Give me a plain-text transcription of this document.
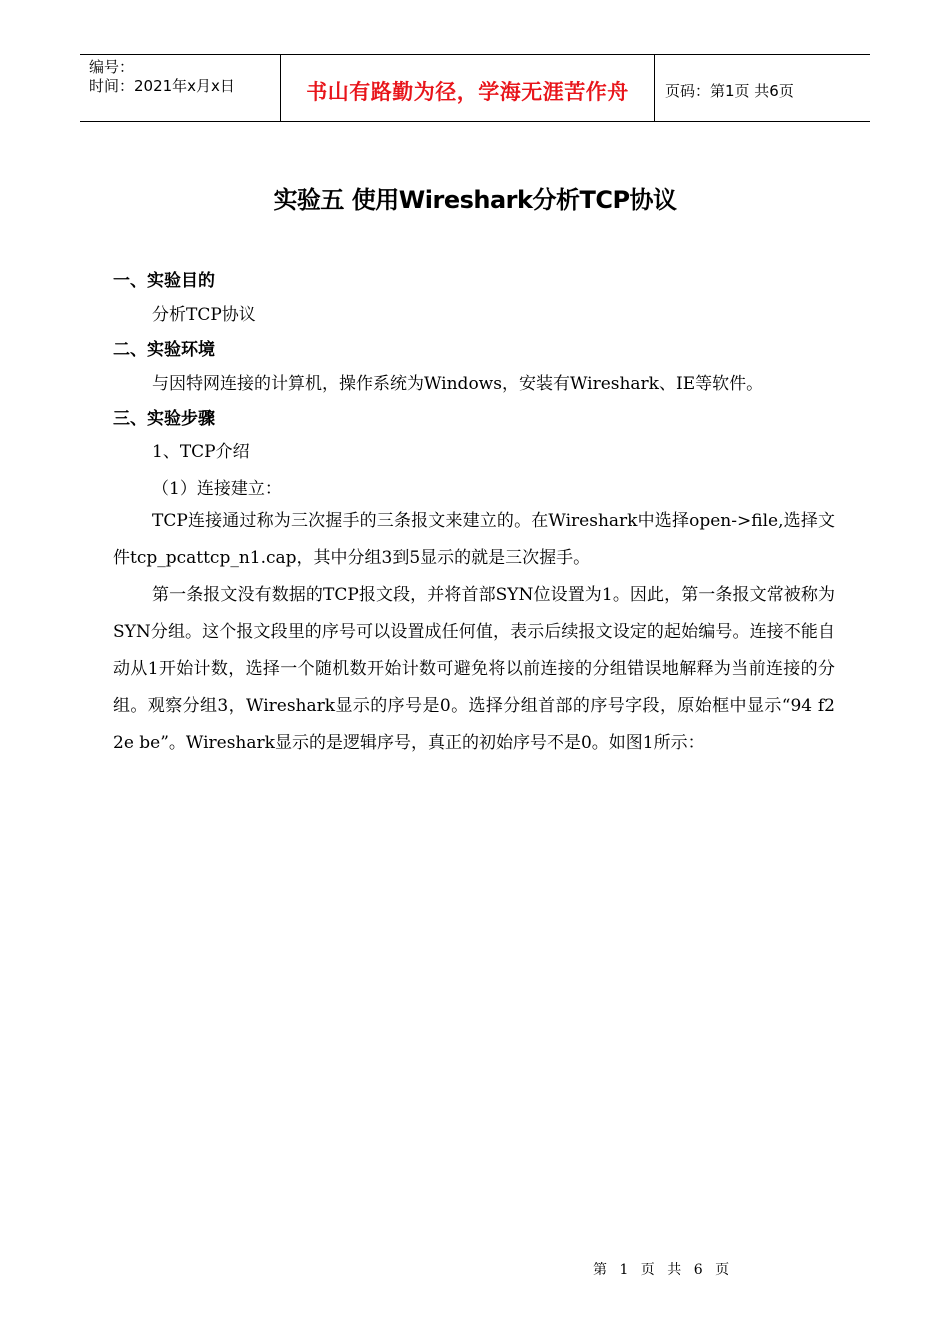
编号：
时间：2021年x月x日	书山有路勤为径，学海无涯苦作舟	页码：第1页 共6页
实验五 使用Wireshark分析TCP协议
一、实验目的
分析TCP协议
二、实验环境
与因特网连接的计算机，操作系统为Windows，安装有Wireshark、IE等软件。
三、实验步骤
1、TCP介绍
（1）连接建立：
TCP连接通过称为三次握手的三条报文来建立的。在Wireshark中选择open->file,选择文件tcp_pcattcp_n1.cap，其中分组3到5显示的就是三次握手。
第一条报文没有数据的TCP报文段，并将首部SYN位设置为1。因此，第一条报文常被称为SYN分组。这个报文段里的序号可以设置成任何值，表示后续报文设定的起始编号。连接不能自动从1开始计数，选择一个随机数开始计数可避免将以前连接的分组错误地解释为当前连接的分组。观察分组3，Wireshark显示的序号是0。选择分组首部的序号字段，原始框中显示“94 f2 2e be”。Wireshark显示的是逻辑序号，真正的初始序号不是0。如图1所示：
第 1 页 共 6 页
